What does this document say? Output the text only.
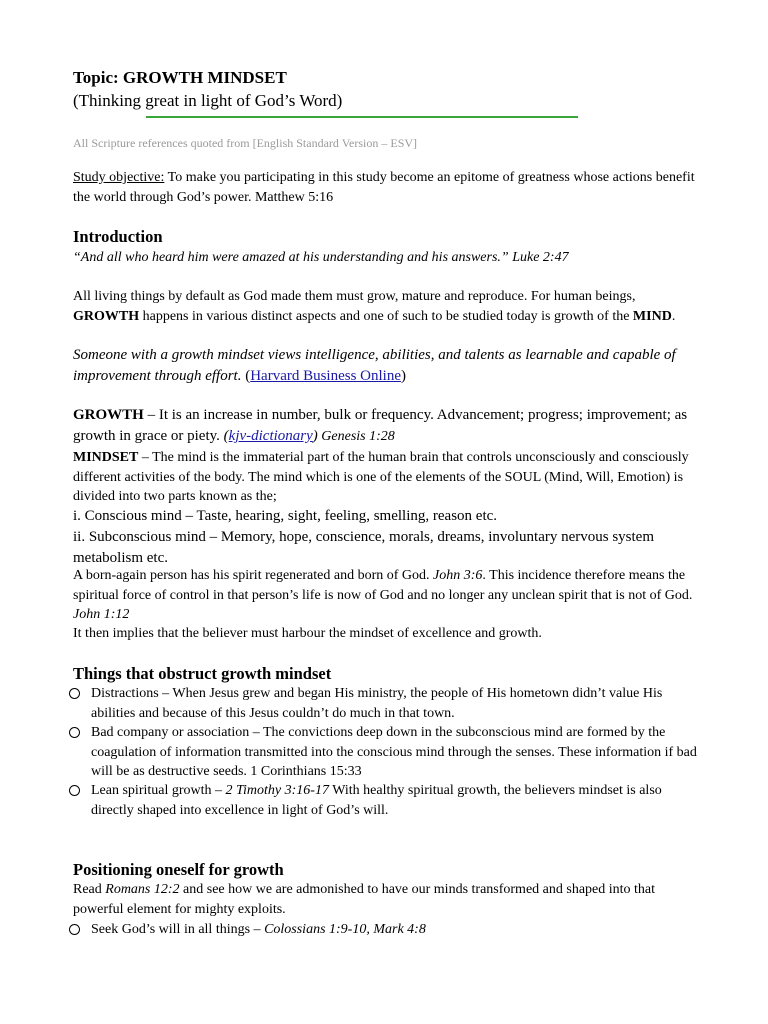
Topic: GROWTH MINDSET
(Thinking great in light of God’s Word)
All Scripture references quoted from [English Standard Version – ESV]
Study objective: To make you participating in this study become an epitome of greatness whose actions benefit the world through God’s power. Matthew 5:16
Introduction
“And all who heard him were amazed at his understanding and his answers.” Luke 2:47
All living things by default as God made them must grow, mature and reproduce. For human beings, GROWTH happens in various distinct aspects and one of such to be studied today is growth of the MIND.
Someone with a growth mindset views intelligence, abilities, and talents as learnable and capable of improvement through effort. (Harvard Business Online)
GROWTH – It is an increase in number, bulk or frequency. Advancement; progress; improvement; as growth in grace or piety. (kjv-dictionary) Genesis 1:28
MINDSET – The mind is the immaterial part of the human brain that controls unconsciously and consciously different activities of the body. The mind which is one of the elements of the SOUL (Mind, Will, Emotion) is divided into two parts known as the;
i. Conscious mind – Taste, hearing, sight, feeling, smelling, reason etc.
ii. Subconscious mind – Memory, hope, conscience, morals, dreams, involuntary nervous system metabolism etc.
A born-again person has his spirit regenerated and born of God. John 3:6. This incidence therefore means the spiritual force of control in that person’s life is now of God and no longer any unclean spirit that is not of God. John 1:12
It then implies that the believer must harbour the mindset of excellence and growth.
Things that obstruct growth mindset
Distractions – When Jesus grew and began His ministry, the people of His hometown didn’t value His abilities and because of this Jesus couldn’t do much in that town.
Bad company or association – The convictions deep down in the subconscious mind are formed by the coagulation of information transmitted into the conscious mind through the senses. These information if bad will be as destructive seeds. 1 Corinthians 15:33
Lean spiritual growth – 2 Timothy 3:16-17 With healthy spiritual growth, the believers mindset is also directly shaped into excellence in light of God’s will.
Positioning oneself for growth
Read Romans 12:2 and see how we are admonished to have our minds transformed and shaped into that powerful element for mighty exploits.
Seek God’s will in all things – Colossians 1:9-10, Mark 4:8
